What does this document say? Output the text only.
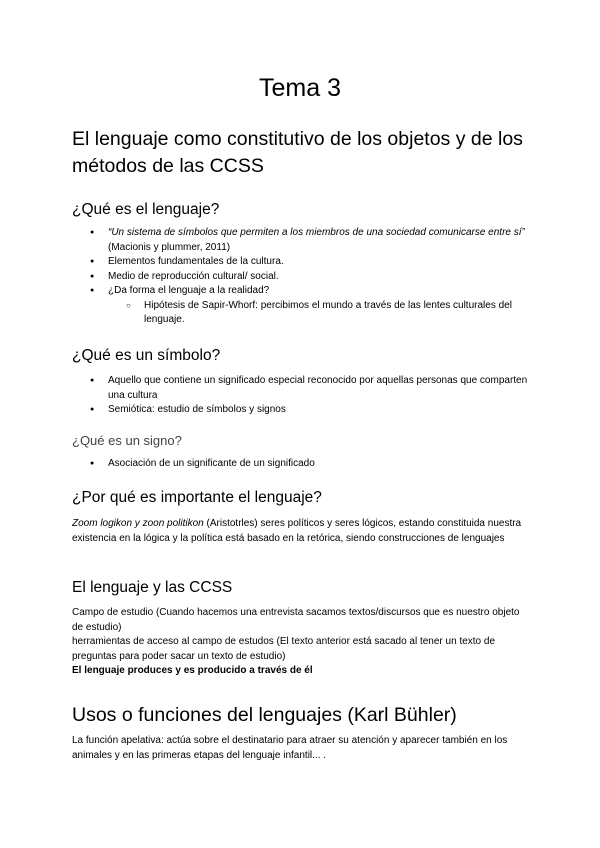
Tema 3
El lenguaje como constitutivo de los objetos y de los métodos de las CCSS
¿Qué es el lenguaje?
● “Un sistema de símbolos que permiten a los miembros de una sociedad comunicarse entre sí” (Macionis y plummer, 2011)
● Elementos fundamentales de la cultura.
● Medio de reproducción cultural/ social.
● ¿Da forma el lenguaje a la realidad?
○ Hipótesis de Sapir-Whorf: percibimos el mundo a través de las lentes culturales del lenguaje.
¿Qué es un símbolo?
● Aquello que contiene un significado especial reconocido por aquellas personas que comparten una cultura
● Semiótica: estudio de símbolos y signos
¿Qué es un signo?
● Asociación de un significante de un significado
¿Por qué es importante el lenguaje?

Zoom logikon y zoon politikon (Aristotrles) seres políticos y seres lógicos, estando constituida nuestra existencia en la lógica y la política está basado en la retórica, siendo construcciones de lenguajes

El lenguaje y las CCSS

Campo de estudio (Cuando hacemos una entrevista sacamos textos/discursos que es nuestro objeto de estudio)

herramientas de acceso al campo de estudos (El texto anterior está sacado al tener un texto de preguntas para poder sacar un texto de estudio)

El lenguaje produces y es producido a través de él

Usos o funciones del lenguajes (Karl Bühler)

La función apelativa: actúa sobre el destinatario para atraer su atención y aparecer también en los animales y en las primeras etapas del lenguaje infantil... .
